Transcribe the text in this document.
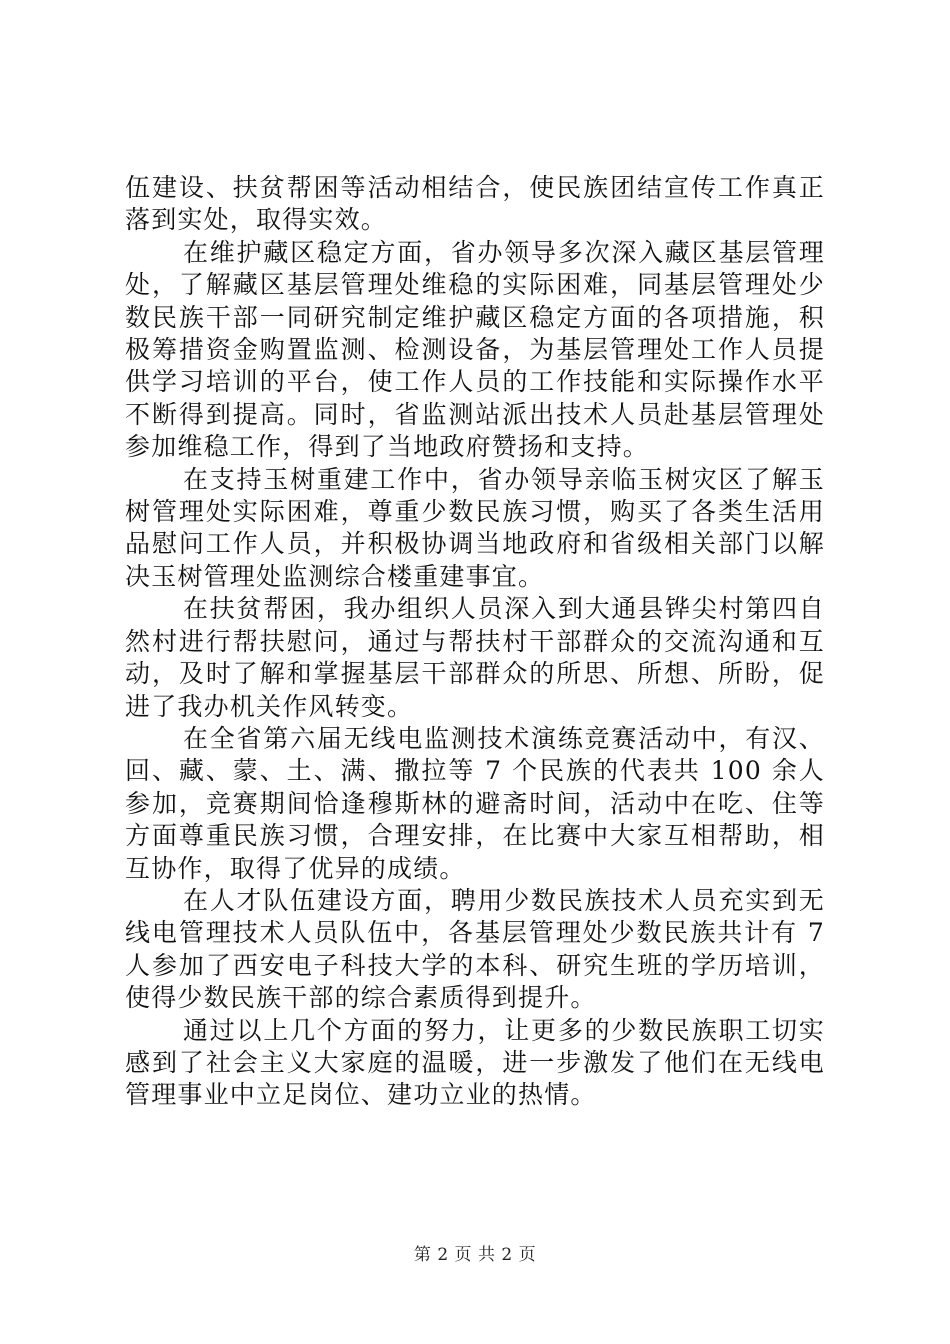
伍建设、扶贫帮困等活动相结合，使民族团结宣传工作真正落到实处，取得实效。

在维护藏区稳定方面，省办领导多次深入藏区基层管理处，了解藏区基层管理处维稳的实际困难，同基层管理处少数民族干部一同研究制定维护藏区稳定方面的各项措施，积极筹措资金购置监测、检测设备，为基层管理处工作人员提供学习培训的平台，使工作人员的工作技能和实际操作水平不断得到提高。同时，省监测站派出技术人员赴基层管理处参加维稳工作，得到了当地政府赞扬和支持。

在支持玉树重建工作中，省办领导亲临玉树灾区了解玉树管理处实际困难，尊重少数民族习惯，购买了各类生活用品慰问工作人员，并积极协调当地政府和省级相关部门以解决玉树管理处监测综合楼重建事宜。

在扶贫帮困，我办组织人员深入到大通县铧尖村第四自然村进行帮扶慰问，通过与帮扶村干部群众的交流沟通和互动，及时了解和掌握基层干部群众的所思、所想、所盼，促进了我办机关作风转变。

在全省第六届无线电监测技术演练竞赛活动中，有汉、回、藏、蒙、土、满、撒拉等 7 个民族的代表共 100 余人参加，竞赛期间恰逢穆斯林的避斋时间，活动中在吃、住等方面尊重民族习惯，合理安排，在比赛中大家互相帮助，相互协作，取得了优异的成绩。

在人才队伍建设方面，聘用少数民族技术人员充实到无线电管理技术人员队伍中，各基层管理处少数民族共计有 7 人参加了西安电子科技大学的本科、研究生班的学历培训，使得少数民族干部的综合素质得到提升。

通过以上几个方面的努力，让更多的少数民族职工切实感到了社会主义大家庭的温暖，进一步激发了他们在无线电管理事业中立足岗位、建功立业的热情。

第 2 页 共 2 页
